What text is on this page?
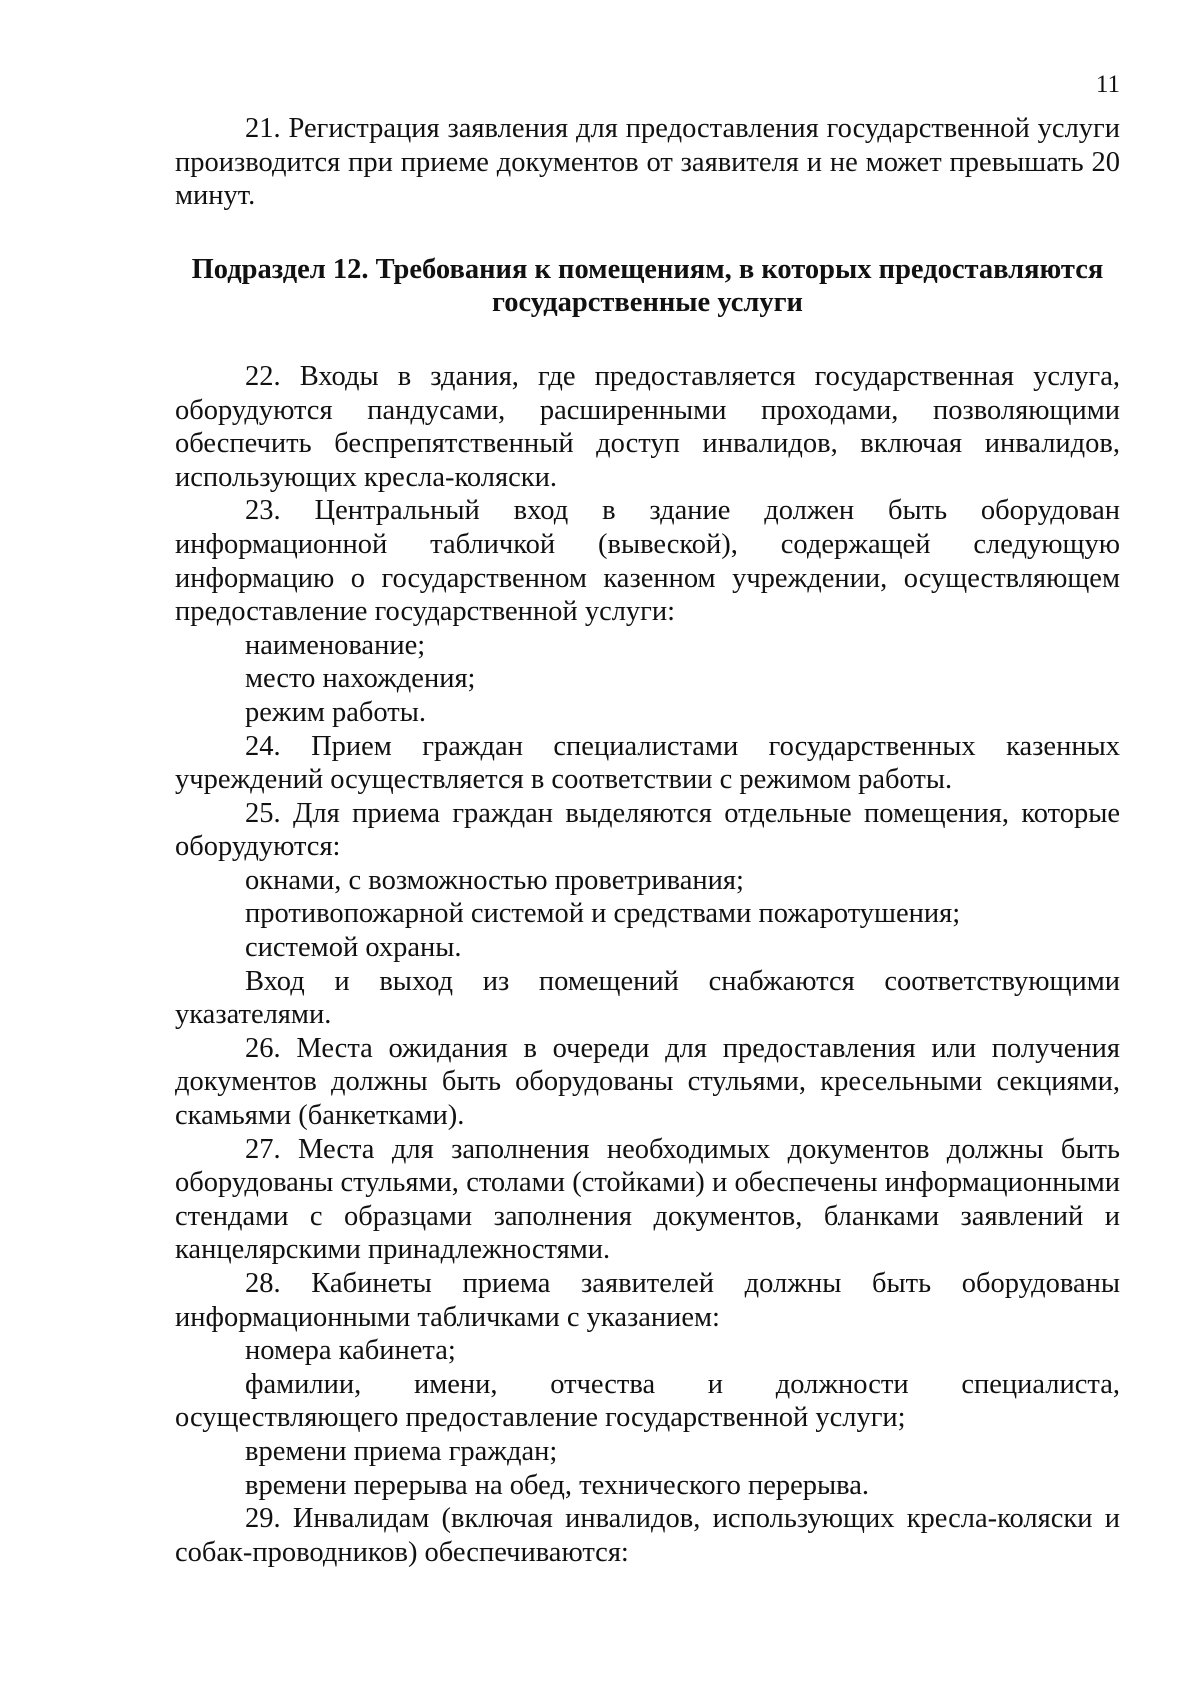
11

21. Регистрация заявления для предоставления государственной услуги производится при приеме документов от заявителя и не может превышать 20 минут.

Подраздел 12. Требования к помещениям, в которых предоставляются
государственные услуги

22. Входы в здания, где предоставляется государственная услуга, оборудуются пандусами, расширенными проходами, позволяющими обеспечить беспрепятственный доступ инвалидов, включая инвалидов, использующих кресла-коляски.

23. Центральный вход в здание должен быть оборудован информационной табличкой (вывеской), содержащей следующую информацию о государственном казенном учреждении, осуществляющем предоставление государственной услуги:

наименование;

место нахождения;

режим работы.

24. Прием граждан специалистами государственных казенных учреждений осуществляется в соответствии с режимом работы.

25. Для приема граждан выделяются отдельные помещения, которые оборудуются:

окнами, с возможностью проветривания;

противопожарной системой и средствами пожаротушения;

системой охраны.

Вход и выход из помещений снабжаются соответствующими указателями.

26. Места ожидания в очереди для предоставления или получения документов должны быть оборудованы стульями, кресельными секциями, скамьями (банкетками).

27. Места для заполнения необходимых документов должны быть оборудованы стульями, столами (стойками) и обеспечены информационными стендами с образцами заполнения документов, бланками заявлений и канцелярскими принадлежностями.

28. Кабинеты приема заявителей должны быть оборудованы информационными табличками с указанием:

номера кабинета;

фамилии, имени, отчества и должности специалиста, осуществляющего предоставление государственной услуги;

времени приема граждан;

времени перерыва на обед, технического перерыва.

29. Инвалидам (включая инвалидов, использующих кресла-коляски и собак-проводников) обеспечиваются:
